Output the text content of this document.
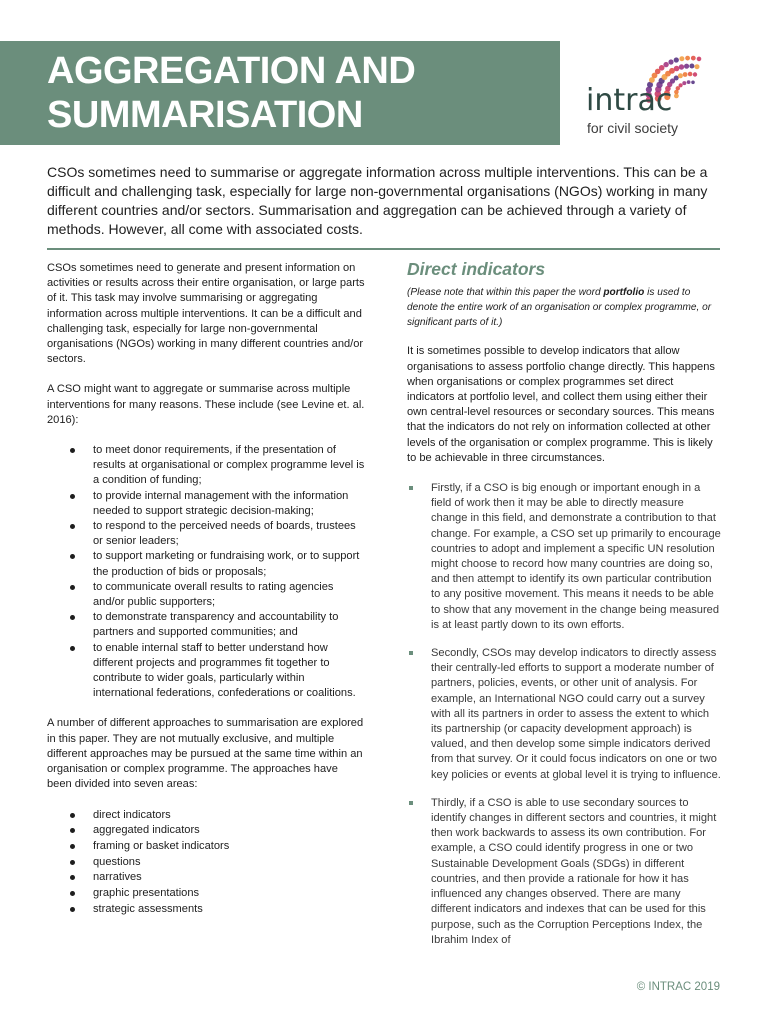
AGGREGATION AND
SUMMARISATION	intrac
for civil society
CSOs sometimes need to summarise or aggregate information across multiple interventions. This can be a difficult and challenging task, especially for large non-governmental organisations (NGOs) working in many different countries and/or sectors. Summarisation and aggregation can be achieved through a variety of methods. However, all come with associated costs.

CSOs sometimes need to generate and present information on activities or results across their entire organisation, or large parts of it. This task may involve summarising or aggregating information across multiple interventions. It can be a difficult and challenging task, especially for large non-governmental organisations (NGOs) working in many different countries and/or sectors.

A CSO might want to aggregate or summarise across multiple interventions for many reasons. These include (see Levine et. al. 2016):

to meet donor requirements, if the presentation of results at organisational or complex programme level is a condition of funding;
to provide internal management with the information needed to support strategic decision-making;
to respond to the perceived needs of boards, trustees or senior leaders;
to support marketing or fundraising work, or to support the production of bids or proposals;
to communicate overall results to rating agencies and/or public supporters;
to demonstrate transparency and accountability to partners and supported communities; and
to enable internal staff to better understand how different projects and programmes fit together to contribute to wider goals, particularly within international federations, confederations or coalitions.

A number of different approaches to summarisation are explored in this paper. They are not mutually exclusive, and multiple different approaches may be pursued at the same time within an organisation or complex programme. The approaches have been divided into seven areas:

direct indicators
aggregated indicators
framing or basket indicators
questions
narratives
graphic presentations
strategic assessments
Direct indicators

(Please note that within this paper the word portfolio is used to denote the entire work of an organisation or complex programme, or significant parts of it.)

It is sometimes possible to develop indicators that allow organisations to assess portfolio change directly. This happens when organisations or complex programmes set direct indicators at portfolio level, and collect them using either their own central-level resources or secondary sources. This means that the indicators do not rely on information collected at other levels of the organisation or complex programme. This is likely to be achievable in three circumstances.

Firstly, if a CSO is big enough or important enough in a field of work then it may be able to directly measure change in this field, and demonstrate a contribution to that change. For example, a CSO set up primarily to encourage countries to adopt and implement a specific UN resolution might choose to record how many countries are doing so, and then attempt to identify its own particular contribution to any positive movement. This means it needs to be able to show that any movement in the change being measured is at least partly down to its own efforts.
Secondly, CSOs may develop indicators to directly assess their centrally-led efforts to support a moderate number of partners, policies, events, or other unit of analysis. For example, an International NGO could carry out a survey with all its partners in order to assess the extent to which its partnership (or capacity development approach) is valued, and then develop some simple indicators derived from that survey. Or it could focus indicators on one or two key policies or events at global level it is trying to influence.
Thirdly, if a CSO is able to use secondary sources to identify changes in different sectors and countries, it might then work backwards to assess its own contribution. For example, a CSO could identify progress in one or two Sustainable Development Goals (SDGs) in different countries, and then provide a rationale for how it has influenced any changes observed. There are many different indicators and indexes that can be used for this purpose, such as the Corruption Perceptions Index, the Ibrahim Index of
© INTRAC 2019
